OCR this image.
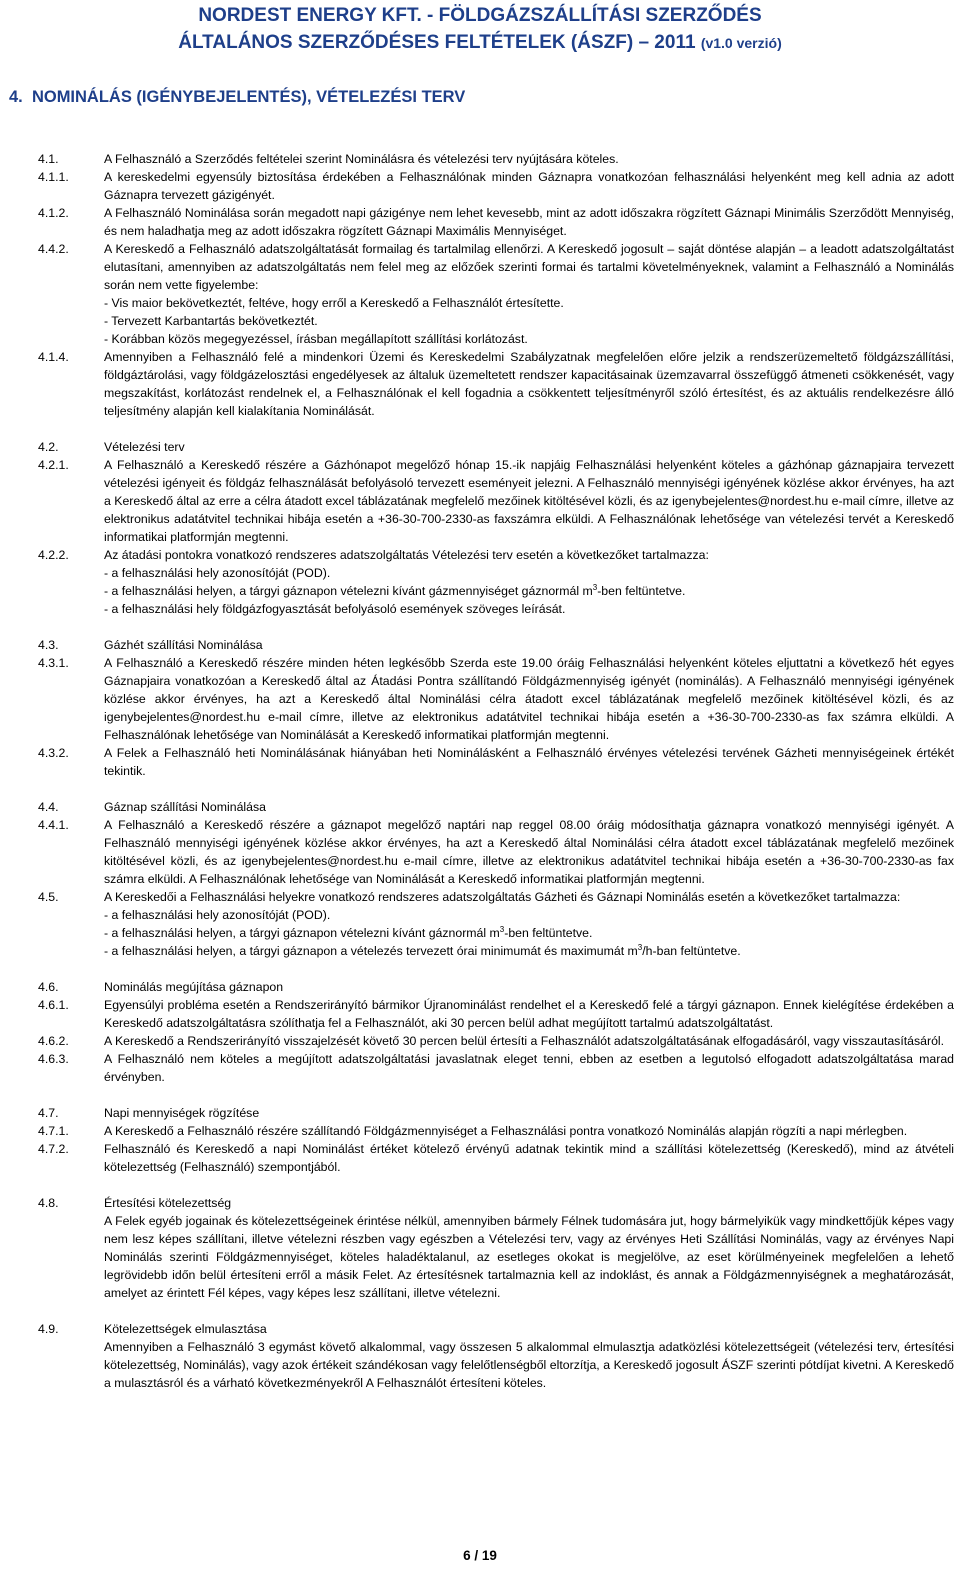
NORDEST ENERGY KFT. - FÖLDGÁZSZÁLLÍTÁSI SZERZŐDÉS
ÁLTALÁNOS SZERZŐDÉSES FELTÉTELEK (ÁSZF) – 2011 (v1.0 verzió)
4. NOMINÁLÁS (IGÉNYBEJELENTÉS), VÉTELEZÉSI TERV
4.1.	A Felhasználó a Szerződés feltételei szerint Nominálásra és vételezési terv nyújtására köteles.

4.1.1.	A kereskedelmi egyensúly biztosítása érdekében a Felhasználónak minden Gáznapra vonatkozóan felhasználási helyenként meg kell adnia az adott Gáznapra tervezett gázigényét.

4.1.2.	A Felhasználó Nominálása során megadott napi gázigénye nem lehet kevesebb, mint az adott időszakra rögzített Gáznapi Minimális Szerződött Mennyiség, és nem haladhatja meg az adott időszakra rögzített Gáznapi Maximális Mennyiséget.

4.4.2.	A Kereskedő a Felhasználó adatszolgáltatását formailag és tartalmilag ellenőrzi. A Kereskedő jogosult – saját döntése alapján – a leadott adatszolgáltatást elutasítani, amennyiben az adatszolgáltatás nem felel meg az előzőek szerinti formai és tartalmi követelményeknek, valamint a Felhasználó a Nominálás során nem vette figyelembe:

- Vis maior bekövetkeztét, feltéve, hogy erről a Kereskedő a Felhasználót értesítette.

- Tervezett Karbantartás bekövetkeztét.

- Korábban közös megegyezéssel, írásban megállapított szállítási korlátozást.

4.1.4.	Amennyiben a Felhasználó felé a mindenkori Üzemi és Kereskedelmi Szabályzatnak megfelelően előre jelzik a rendszerüzemeltető földgázszállítási, földgáztárolási, vagy földgázelosztási engedélyesek az általuk üzemeltetett rendszer kapacitásainak üzemzavarral összefüggő átmeneti csökkenését, vagy megszakítást, korlátozást rendelnek el, a Felhasználónak el kell fogadnia a csökkentett teljesítményről szóló értesítést, és az aktuális rendelkezésre álló teljesítmény alapján kell kialakítania Nominálását.

4.2.	Vételezési terv

4.2.1.	A Felhasználó a Kereskedő részére a Gázhónapot megelőző hónap 15.-ik napjáig Felhasználási helyenként köteles a gázhónap gáznapjaira tervezett vételezési igényeit és földgáz felhasználását befolyásoló tervezett eseményeit jelezni. A Felhasználó mennyiségi igényének közlése akkor érvényes, ha azt a Kereskedő által az erre a célra átadott excel táblázatának megfelelő mezőinek kitöltésével közli, és az igenybejelentes@nordest.hu e-mail címre, illetve az elektronikus adatátvitel technikai hibája esetén a +36-30-700-2330-as faxszámra elküldi. A Felhasználónak lehetősége van vételezési tervét a Kereskedő informatikai platformján megtenni.

4.2.2.	Az átadási pontokra vonatkozó rendszeres adatszolgáltatás Vételezési terv esetén a következőket tartalmazza:

- a felhasználási hely azonosítóját (POD).

- a felhasználási helyen, a tárgyi gáznapon vételezni kívánt gázmennyiséget gáznormál $m^3$-ben feltüntetve.

- a felhasználási hely földgázfogyasztását befolyásoló események szöveges leírását.

4.3.	Gázhét szállítási Nominálása

4.3.1.	A Felhasználó a Kereskedő részére minden héten legkésőbb Szerda este 19.00 óráig Felhasználási helyenként köteles eljuttatni a következő hét egyes Gáznapjaira vonatkozóan a Kereskedő által az Átadási Pontra szállítandó Földgázmennyiség igényét (nominálás). A Felhasználó mennyiségi igényének közlése akkor érvényes, ha azt a Kereskedő által Nominálási célra átadott excel táblázatának megfelelő mezőinek kitöltésével közli, és az igenybejelentes@nordest.hu e-mail címre, illetve az elektronikus adatátvitel technikai hibája esetén a +36-30-700-2330-as fax számra elküldi. A Felhasználónak lehetősége van Nominálását a Kereskedő informatikai platformján megtenni.

4.3.2.	A Felek a Felhasználó heti Nominálásának hiányában heti Nominálásként a Felhasználó érvényes vételezési tervének Gázheti mennyiségeinek értékét tekintik.

4.4.	Gáznap szállítási Nominálása

4.4.1.	A Felhasználó a Kereskedő részére a gáznapot megelőző naptári nap reggel 08.00 óráig módosíthatja gáznapra vonatkozó mennyiségi igényét. A Felhasználó mennyiségi igényének közlése akkor érvényes, ha azt a Kereskedő által Nominálási célra átadott excel táblázatának megfelelő mezőinek kitöltésével közli, és az igenybejelentes@nordest.hu e-mail címre, illetve az elektronikus adatátvitel technikai hibája esetén a +36-30-700-2330-as fax számra elküldi. A Felhasználónak lehetősége van Nominálását a Kereskedő informatikai platformján megtenni.

4.5.	A Kereskedői a Felhasználási helyekre vonatkozó rendszeres adatszolgáltatás Gázheti és Gáznapi Nominálás esetén a következőket tartalmazza:

- a felhasználási hely azonosítóját (POD).

- a felhasználási helyen, a tárgyi gáznapon vételezni kívánt gáznormál $m^3$-ben feltüntetve.

- a felhasználási helyen, a tárgyi gáznapon a vételezés tervezett órai minimumát és maximumát $m^3/h$-ban feltüntetve.

4.6.	Nominálás megújítása gáznapon

4.6.1.	Egyensúlyi probléma esetén a Rendszerirányító bármikor Újranominálást rendelhet el a Kereskedő felé a tárgyi gáznapon. Ennek kielégítése érdekében a Kereskedő adatszolgáltatásra szólíthatja fel a Felhasználót, aki 30 percen belül adhat megújított tartalmú adatszolgáltatást.

4.6.2.	A Kereskedő a Rendszerirányító visszajelzését követő 30 percen belül értesíti a Felhasználót adatszolgáltatásának elfogadásáról, vagy visszautasításáról.

4.6.3.	A Felhasználó nem köteles a megújított adatszolgáltatási javaslatnak eleget tenni, ebben az esetben a legutolsó elfogadott adatszolgáltatása marad érvényben.

4.7.	Napi mennyiségek rögzítése

4.7.1.	A Kereskedő a Felhasználó részére szállítandó Földgázmennyiséget a Felhasználási pontra vonatkozó Nominálás alapján rögzíti a napi mérlegben.

4.7.2.	Felhasználó és Kereskedő a napi Nominálást értéket kötelező érvényű adatnak tekintik mind a szállítási kötelezettség (Kereskedő), mind az átvételi kötelezettség (Felhasználó) szempontjából.

4.8.	Értesítési kötelezettség

A Felek egyéb jogainak és kötelezettségeinek érintése nélkül, amennyiben bármely Félnek tudomására jut, hogy bármelyikük vagy mindkettőjük képes vagy nem lesz képes szállítani, illetve vételezni részben vagy egészben a Vételezési terv, vagy az érvényes Heti Szállítási Nominálás, vagy az érvényes Napi Nominálás szerinti Földgázmennyiséget, köteles haladéktalanul, az esetleges okokat is megjelölve, az eset körülményeinek megfelelően a lehető legrövidebb időn belül értesíteni erről a másik Felet. Az értesítésnek tartalmaznia kell az indoklást, és annak a Földgázmennyiségnek a meghatározását, amelyet az érintett Fél képes, vagy képes lesz szállítani, illetve vételezni.

4.9.	Kötelezettségek elmulasztása

Amennyiben a Felhasználó 3 egymást követő alkalommal, vagy összesen 5 alkalommal elmulasztja adatközlési kötelezettségeit (vételezési terv, értesítési kötelezettség, Nominálás), vagy azok értékeit szándékosan vagy felelőtlenségből eltorzítja, a Kereskedő jogosult ÁSZF szerinti pótdíjat kivetni. A Kereskedő a mulasztásról és a várható következményekről A Felhasználót értesíteni köteles.

6 / 19
